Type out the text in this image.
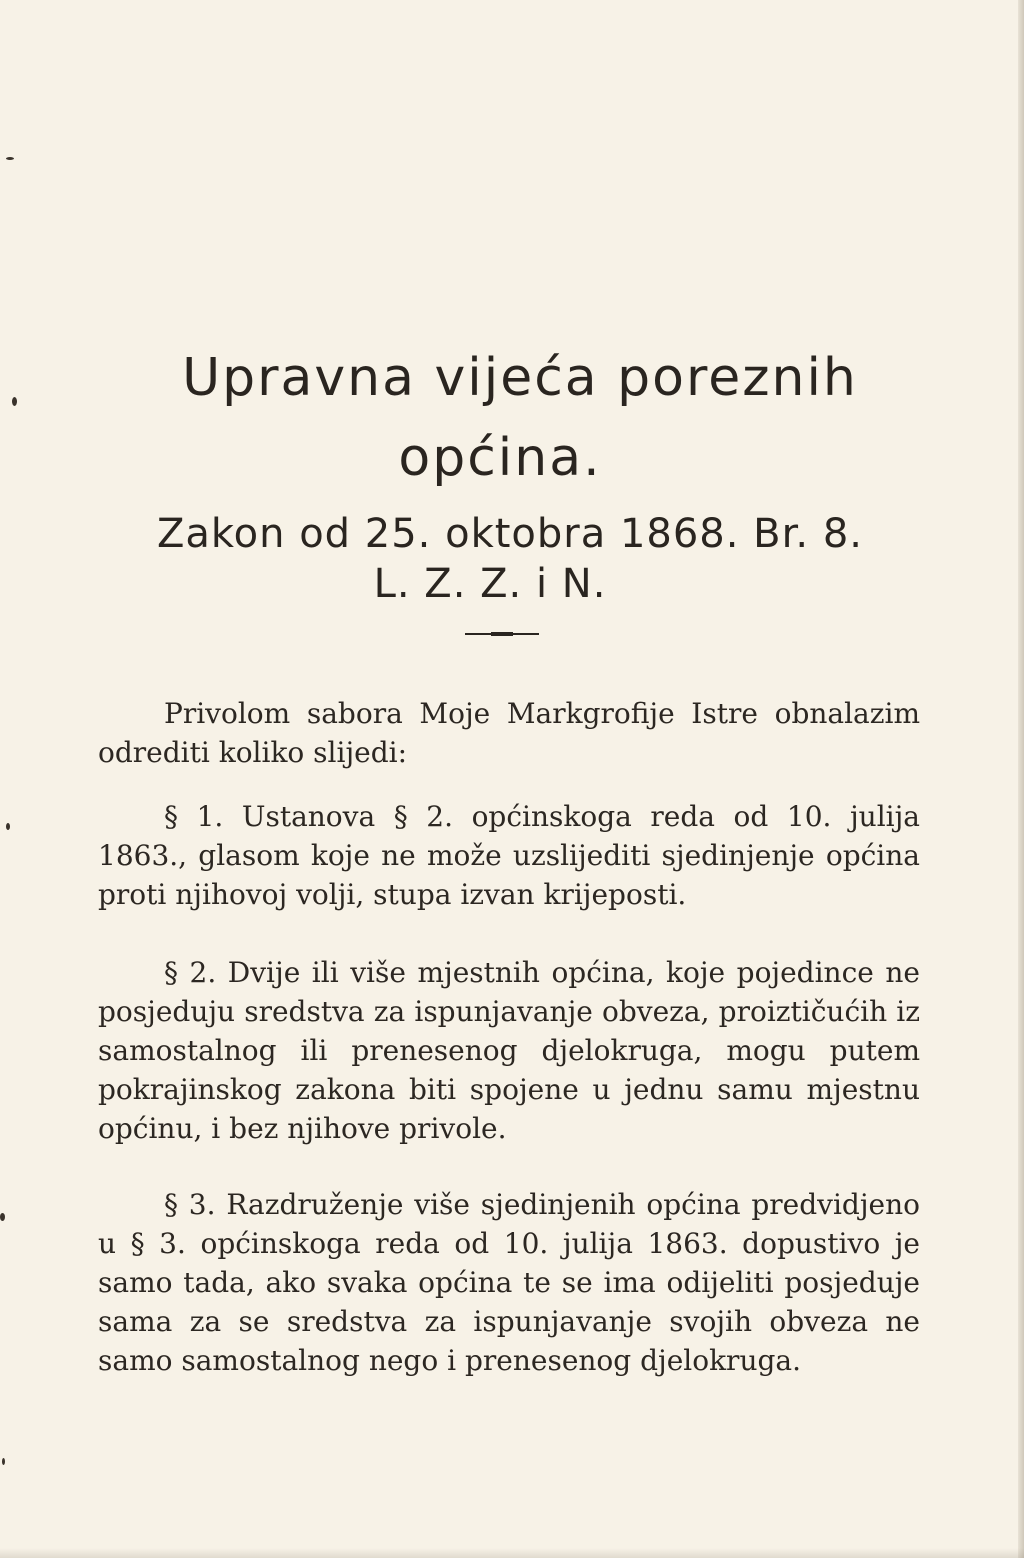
Upravna vijeća poreznih
općina.

Zakon od 25. oktobra 1868. Br. 8.

L. Z. Z. i N.

Privolom sabora Moje Markgrofije Istre obnalazim odrediti koliko slijedi:

§ 1. Ustanova § 2. općinskoga reda od 10. julija 1863., glasom koje ne može uzslijediti sjedinjenje općina proti njihovoj volji, stupa izvan krijeposti.

§ 2. Dvije ili više mjestnih općina, koje pojedince ne posjeduju sredstva za ispunjavanje obveza, proiztičućih iz samostalnog ili prenesenog djelokruga, mogu putem pokrajinskog zakona biti spojene u jednu samu mjestnu općinu, i bez njihove privole.

§ 3. Razdruženje više sjedinjenih općina predvidjeno u § 3. općinskoga reda od 10. julija 1863. dopustivo je samo tada, ako svaka općina te se ima odijeliti posjeduje sama za se sredstva za ispunjavanje svojih obveza ne samo samostalnog nego i prenesenog djelokruga.
